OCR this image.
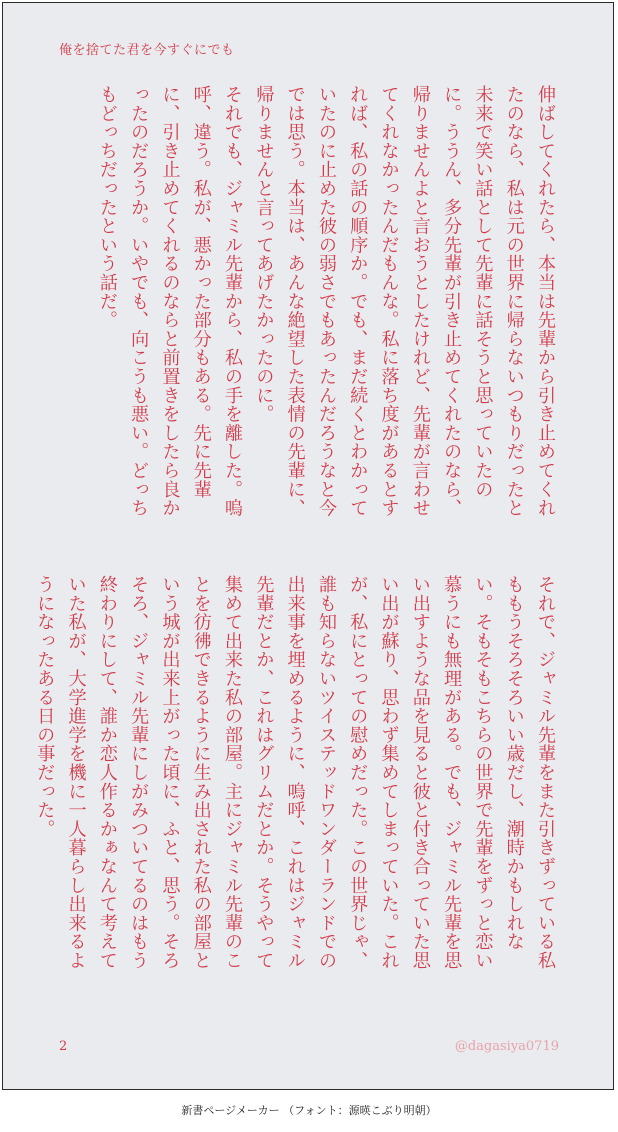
俺を捨てた君を今すぐにでも

伸ばしてくれたら、本当は先輩から引き止めてくれたのなら、私は元の世界に帰らないつもりだったと未来で笑い話として先輩に話そうと思っていたのに。ううん、多分先輩が引き止めてくれたのなら、帰りませんよと言おうとしたけれど、先輩が言わせてくれなかったんだもんな。私に落ち度があるとすれば、私の話の順序か。でも、まだ続くとわかっていたのに止めた彼の弱さでもあったんだろうなと今では思う。本当は、あんな絶望した表情の先輩に、帰りませんと言ってあげたかったのに。

それでも、ジャミル先輩から、私の手を離した。嗚呼、違う。私が、悪かった部分もある。先に先輩に、引き止めてくれるのならと前置きをしたら良かったのだろうか。いやでも、向こうも悪い。どっちもどっちだったという話だ。

それで、ジャミル先輩をまた引きずっている私ももうそろそろいい歳だし、潮時かもしれない。そもそもこちらの世界で先輩をずっと恋い慕うにも無理がある。でも、ジャミル先輩を思い出すような品を見ると彼と付き合っていた思い出が蘇り、思わず集めてしまっていた。これが、私にとっての慰めだった。この世界じゃ、誰も知らないツイステッドワンダーランドでの出来事を埋めるように、嗚呼、これはジャミル先輩だとか、これはグリムだとか。そうやって集めて出来た私の部屋。主にジャミル先輩のことを彷彿できるように生み出された私の部屋という城が出来上がった頃に、ふと、思う。そろそろ、ジャミル先輩にしがみついてるのはもう終わりにして、誰か恋人作るかぁなんて考えていた私が、大学進学を機に一人暮らし出来るようになったある日の事だった。

2	@dagasiya0719
新書ページメーカー （フォント：源暎こぶり明朝）
